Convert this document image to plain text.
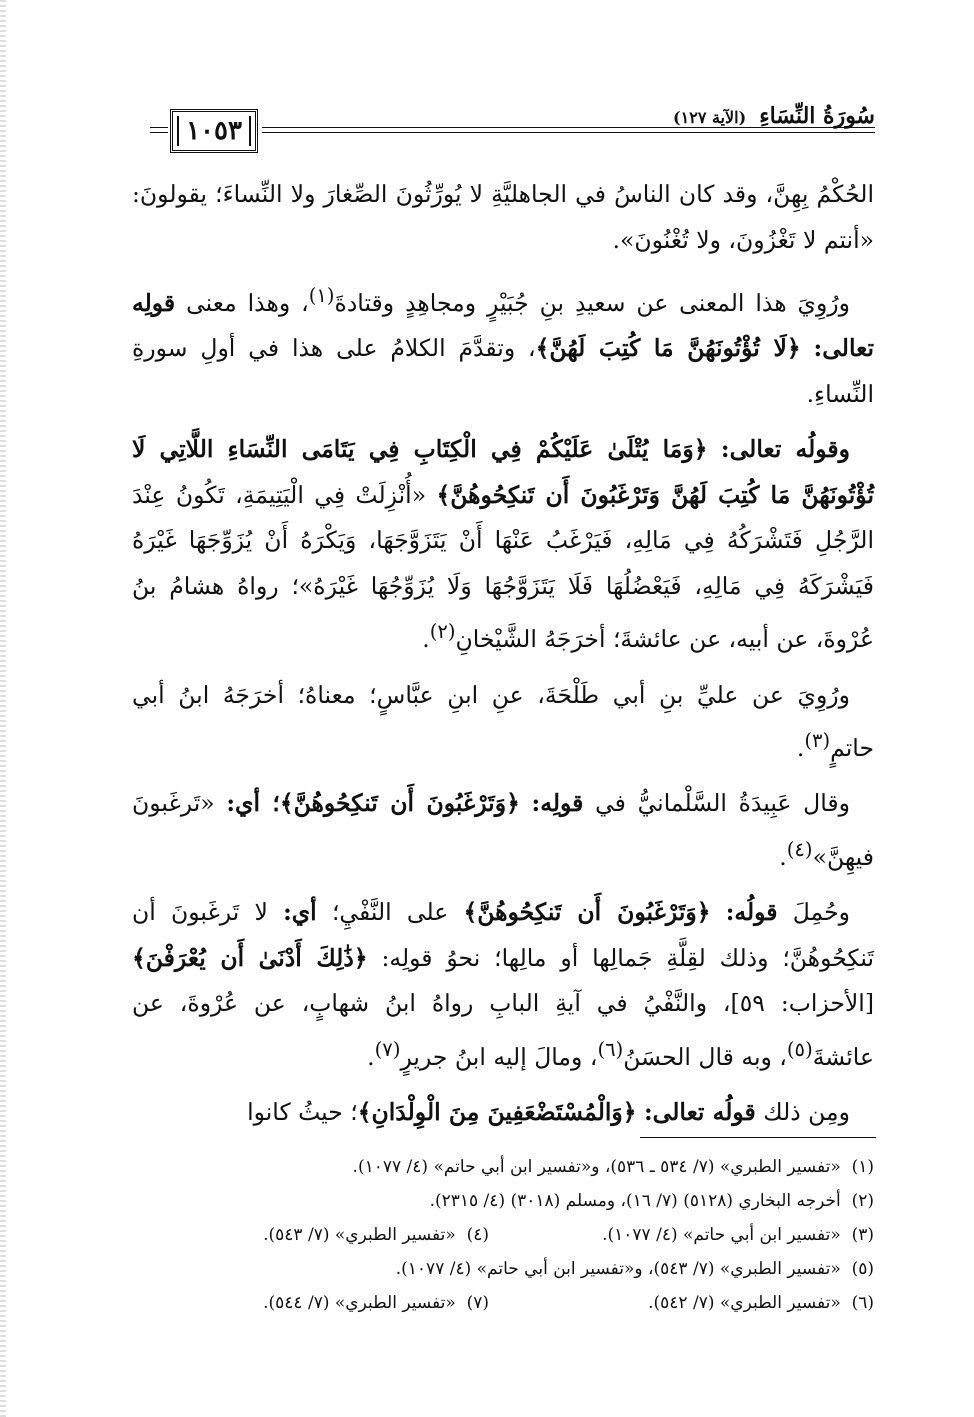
١٠٥٣	سُورَةُ النِّسَاءِ (الآية ١٢٧)

الحُكْمُ بِهِنَّ، وقد كان الناسُ في الجاهليَّةِ لا يُورِّثُونَ الصِّغارَ ولا النِّساءَ؛ يقولونَ: «أنتم لا تَغْزُونَ، ولا تُغْنُونَ».

ورُوِيَ هذا المعنى عن سعيدِ بنِ جُبَيْرٍ ومجاهِدٍ وقتادةَ$^{(١)}$، وهذا معنى قولِه تعالى: ﴿لَا تُؤْتُونَهُنَّ مَا كُتِبَ لَهُنَّ﴾، وتقدَّمَ الكلامُ على هذا في أولِ سورةِ النِّساءِ.

وقولُه تعالى: ﴿وَمَا يُتْلَىٰ عَلَيْكُمْ فِي الْكِتَابِ فِي يَتَامَى النِّسَاءِ اللَّاتِي لَا تُؤْتُونَهُنَّ مَا كُتِبَ لَهُنَّ وَتَرْغَبُونَ أَن تَنكِحُوهُنَّ﴾ «أُنْزِلَتْ فِي الْيَتِيمَةِ، تَكُونُ عِنْدَ الرَّجُلِ فَتَشْرَكُهُ فِي مَالِهِ، فَيَرْغَبُ عَنْهَا أَنْ يَتَزَوَّجَهَا، وَيَكْرَهُ أَنْ يُزَوِّجَهَا غَيْرَهُ فَيَشْرَكَهُ فِي مَالِهِ، فَيَعْضُلُهَا فَلَا يَتَزَوَّجُهَا وَلَا يُزَوِّجُهَا غَيْرَهُ»؛ رواهُ هشامُ بنُ عُرْوةَ، عن أبيه، عن عائشةَ؛ أخرَجَهُ الشَّيْخانِ$^{(٢)}$.

ورُوِيَ عن عليِّ بنِ أبي طَلْحَةَ، عنِ ابنِ عبَّاسٍ؛ معناهُ؛ أخرَجَهُ ابنُ أبي حاتمٍ$^{(٣)}$.

وقال عَبِيدَةُ السَّلْمانيُّ في قولِه: ﴿وَتَرْغَبُونَ أَن تَنكِحُوهُنَّ﴾؛ أي: «تَرغَبونَ فيهِنَّ»$^{(٤)}$.

وحُمِلَ قولُه: ﴿وَتَرْغَبُونَ أَن تَنكِحُوهُنَّ﴾ على النَّفْيِ؛ أي: لا تَرغَبونَ أن تَنكِحُوهُنَّ؛ وذلك لقِلَّةِ جَمالِها أو مالِها؛ نحوُ قولِه: ﴿ذَٰلِكَ أَدْنَىٰ أَن يُعْرَفْنَ﴾ [الأحزاب: ٥٩]، والنَّفْيُ في آيةِ البابِ رواهُ ابنُ شهابٍ، عن عُرْوةَ، عن عائشةَ$^{(٥)}$، وبه قال الحسَنُ$^{(٦)}$، ومالَ إليه ابنُ جريرٍ$^{(٧)}$.

ومِن ذلك قولُه تعالى: ﴿وَالْمُسْتَضْعَفِينَ مِنَ الْوِلْدَانِ﴾؛ حيثُ كانوا

(١)  «تفسير الطبري» (٧/ ٥٣٤ ـ ٥٣٦)، و«تفسير ابن أبي حاتم» (٤/ ١٠٧٧).
(٢)  أخرجه البخاري (٥١٢٨) (٧/ ١٦)، ومسلم (٣٠١٨) (٤/ ٢٣١٥).
(٣)  «تفسير ابن أبي حاتم» (٤/ ١٠٧٧).
(٤)  «تفسير الطبري» (٧/ ٥٤٣).
(٥)  «تفسير الطبري» (٧/ ٥٤٣)، و«تفسير ابن أبي حاتم» (٤/ ١٠٧٧).
(٦)  «تفسير الطبري» (٧/ ٥٤٢).
(٧)  «تفسير الطبري» (٧/ ٥٤٤).
